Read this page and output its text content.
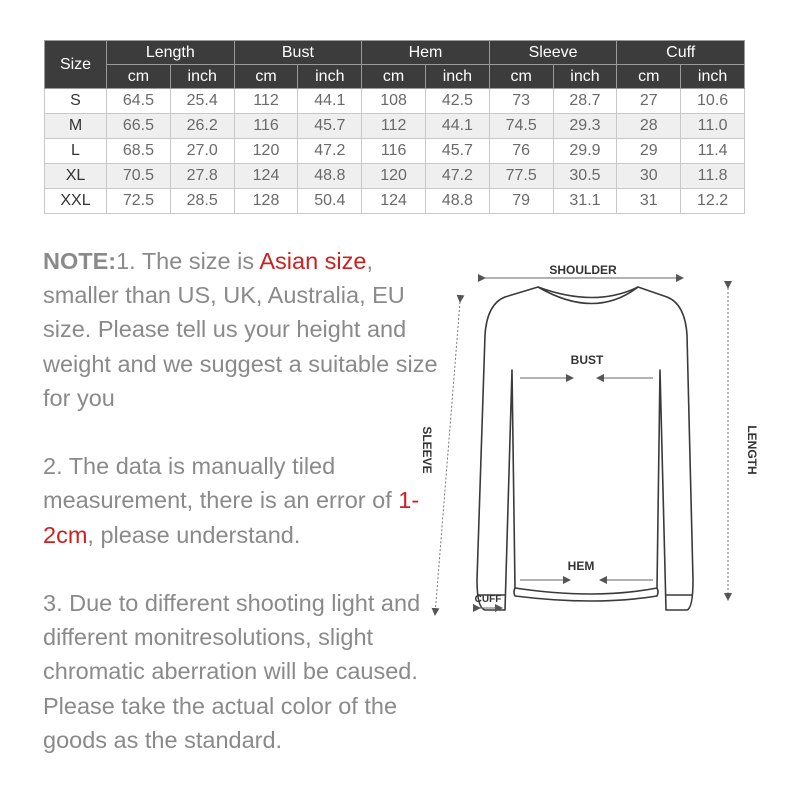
Size	Length		Bust		Hem		Sleeve		Cuff	
	cm	inch	cm	inch	cm	inch	cm	inch	cm	inch
S	64.5	25.4	112	44.1	108	42.5	73	28.7	27	10.6
M	66.5	26.2	116	45.7	112	44.1	74.5	29.3	28	11.0
L	68.5	27.0	120	47.2	116	45.7	76	29.9	29	11.4
XL	70.5	27.8	124	48.8	120	47.2	77.5	30.5	30	11.8
XXL	72.5	28.5	128	50.4	124	48.8	79	31.1	31	12.2

NOTE:1. The size is Asian size, smaller than US, UK, Australia, EU size. Please tell us your height and weight and we suggest a suitable size for you

2. The data is manually tiled measurement, there is an error of 1-2cm, please understand.

3. Due to different shooting light and different monitresolutions, slight chromatic aberration will be caused. Please take the actual color of the goods as the standard.

SHOULDER
BUST
HEM
CUFF
SLEEVE	LENGTH
